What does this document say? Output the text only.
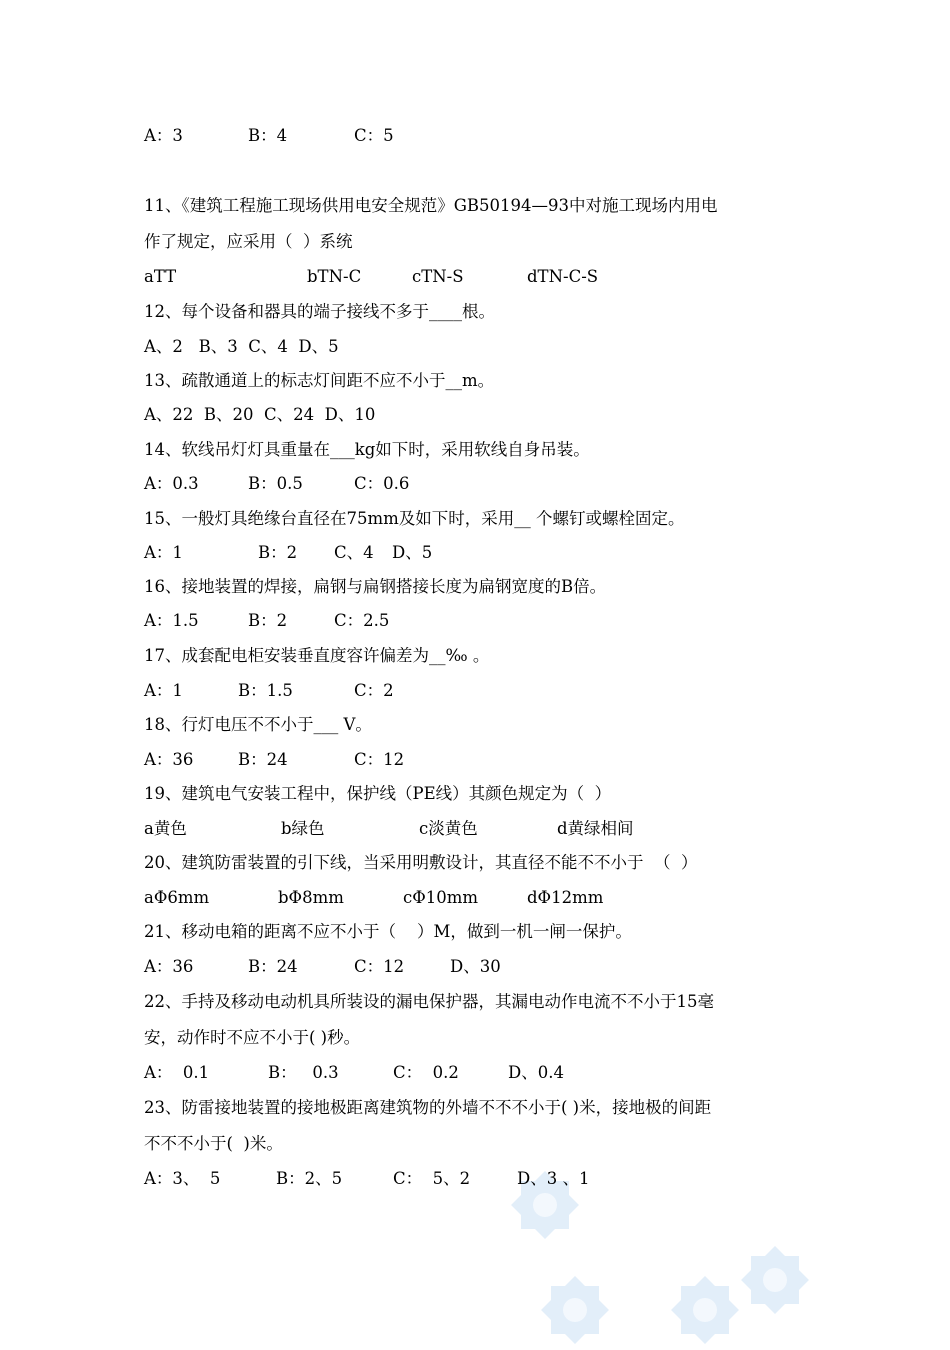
A：3	B：4	C：5
11、《建筑工程施工现场供用电安全规范》GB50194—93中对施工现场内用电
作了规定，应采用（  ）系统
aTT	bTN-C	cTN-S	dTN-C-S
12、每个设备和器具的端子接线不多于____根。
A、2   B、3  C、4  D、5
13、疏散通道上的标志灯间距不应不小于__m。
A、22  B、20  C、24  D、10
14、软线吊灯灯具重量在___kg如下时，采用软线自身吊装。
A：0.3	B：0.5	C：0.6
15、一般灯具绝缘台直径在75mm及如下时，采用__ 个螺钉或螺栓固定。
A：1	B：2 C、4 D、5
16、接地装置的焊接，扁钢与扁钢搭接长度为扁钢宽度的B倍。
A：1.5	B：2	C：2.5
17、成套配电柜安装垂直度容许偏差为__‰ 。
A：1	B：1.5	C：2
18、行灯电压不不小于___ V。
A：36	B：24	C：12
19、建筑电气安装工程中，保护线（PE线）其颜色规定为（  ）
a黄色	b绿色	c淡黄色	d黄绿相间
20、建筑防雷装置的引下线，当采用明敷设计，其直径不能不不小于  （  ）
aΦ6mm	bΦ8mm	cΦ10mm	dΦ12mm
21、移动电箱的距离不应不小于（    ）M，做到一机一闸一保护。
A：36	B：24	C：12	D、30
22、手持及移动电动机具所装设的漏电保护器，其漏电动作电流不不小于15毫
安，动作时不应不小于( )秒。
A：  0.1	B：   0.3	C：  0.2	D、0.4
23、防雷接地装置的接地极距离建筑物的外墙不不不小于( )米，接地极的间距
不不不小于(  )米。
A：3、  5	B：2、5	C：  5、2	D、3 、1
